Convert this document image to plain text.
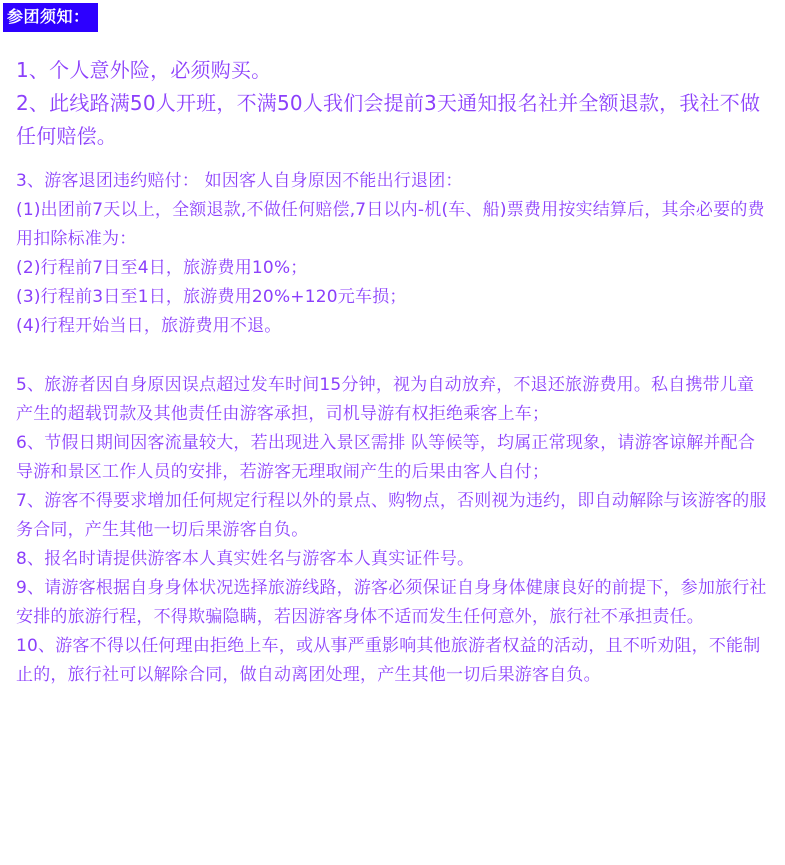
参团须知：

1、个人意外险，必须购买。

2、此线路满50人开班，不满50人我们会提前3天通知报名社并全额退款，我社不做任何赔偿。

3、游客退团违约赔付： 如因客人自身原因不能出行退团：

(1)出团前7天以上，全额退款,不做任何赔偿,7日以内-机(车、船)票费用按实结算后，其余必要的费用扣除标准为：

(2)行程前7日至4日，旅游费用10%；

(3)行程前3日至1日，旅游费用20%+120元车损；

(4)行程开始当日，旅游费用不退。

5、旅游者因自身原因误点超过发车时间15分钟，视为自动放弃，不退还旅游费用。私自携带儿童产生的超载罚款及其他责任由游客承担，司机导游有权拒绝乘客上车；

6、节假日期间因客流量较大，若出现进入景区需排 队等候等，均属正常现象，请游客谅解并配合导游和景区工作人员的安排，若游客无理取闹产生的后果由客人自付；

7、游客不得要求增加任何规定行程以外的景点、购物点，否则视为违约，即自动解除与该游客的服务合同，产生其他一切后果游客自负。

8、报名时请提供游客本人真实姓名与游客本人真实证件号。

9、请游客根据自身身体状况选择旅游线路，游客必须保证自身身体健康良好的前提下，参加旅行社安排的旅游行程，不得欺骗隐瞒，若因游客身体不适而发生任何意外，旅行社不承担责任。

10、游客不得以任何理由拒绝上车，或从事严重影响其他旅游者权益的活动，且不听劝阻，不能制止的，旅行社可以解除合同，做自动离团处理，产生其他一切后果游客自负。
